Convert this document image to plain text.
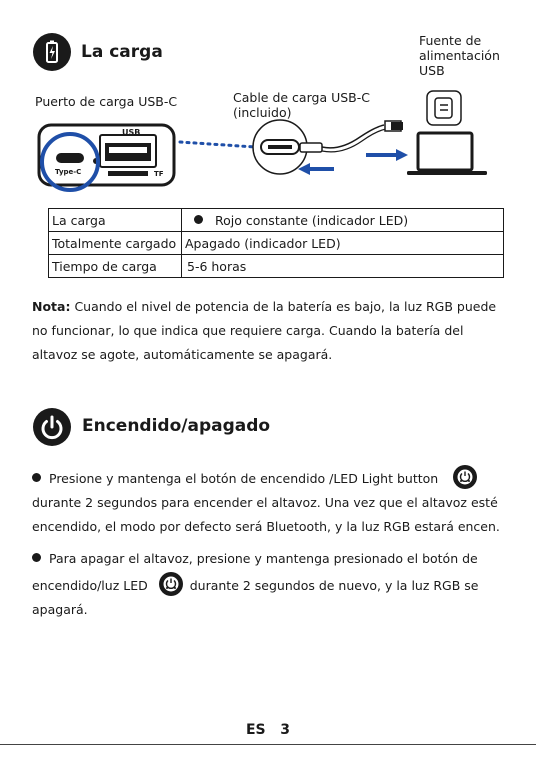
La carga
Fuente de alimentación USB
Puerto de carga USB-C	Cable de carga USB-C (incluido)
USB
Type-C	TF
La carga	Rojo constante (indicador LED)
Totalmente cargado	Apagado (indicador LED)
Tiempo de carga	5-6 horas
Nota: Cuando el nivel de potencia de la batería es bajo, la luz RGB puede no funcionar, lo que indica que requiere carga. Cuando la batería del altavoz se agote, automáticamente se apagará.
Encendido/apagado
Presione y mantenga el botón de encendido /LED Light button
durante 2 segundos para encender el altavoz. Una vez que el altavoz esté encendido, el modo por defecto será Bluetooth, y la luz RGB estará encen.
Para apagar el altavoz, presione y mantenga presionado el botón de encendido/luz LED	durante 2 segundos de nuevo, y la luz RGB se apagará.
ES 3
